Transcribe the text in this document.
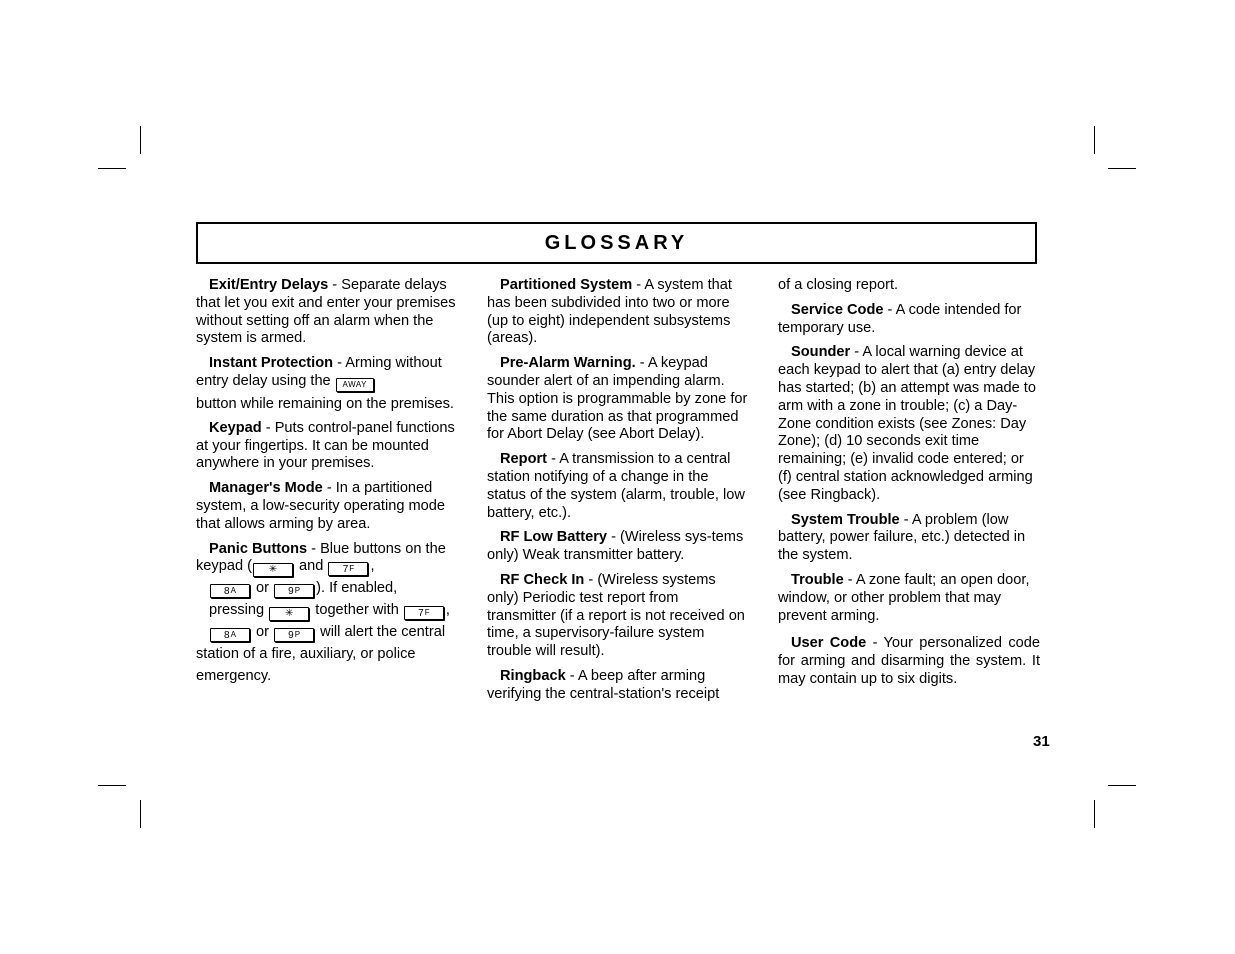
GLOSSARY

Exit/Entry Delays - Separate delays that let you exit and enter your premises without setting off an alarm when the system is armed.

Instant Protection - Arming without entry delay using the AWAY
button while remaining on the premises.

Keypad - Puts control-panel functions at your fingertips. It can be mounted anywhere in your premises.

Manager's Mode - In a partitioned system, a low-security operating mode that allows arming by area.

Panic Buttons - Blue buttons on the keypad ( ✳ and 7F ,
8A or 9P ). If enabled,
pressing ✳ together with 7F ,
8A or 9P will alert the central station of a fire, auxiliary, or police emergency.

Partitioned System - A system that has been subdivided into two or more (up to eight) independent subsystems (areas).

Pre-Alarm Warning. - A keypad sounder alert of an impending alarm. This option is programmable by zone for the same duration as that programmed for Abort Delay (see Abort Delay).

Report - A transmission to a central station notifying of a change in the status of the system (alarm, trouble, low battery, etc.).

RF Low Battery - (Wireless sys-tems only) Weak transmitter battery.

RF Check In - (Wireless systems only) Periodic test report from transmitter (if a report is not received on time, a supervisory-failure system trouble will result).

Ringback - A beep after arming verifying the central-station's receipt

of a closing report.

Service Code - A code intended for temporary use.

Sounder - A local warning device at each keypad to alert that (a) entry delay has started; (b) an attempt was made to arm with a zone in trouble; (c) a Day-Zone condition exists (see Zones: Day Zone); (d) 10 seconds exit time remaining; (e) invalid code entered; or (f) central station acknowledged arming (see Ringback).

System Trouble - A problem (low battery, power failure, etc.) detected in the system.

Trouble - A zone fault; an open door, window, or other problem that may prevent arming.

User Code - Your personalized code for arming and disarming the system. It may contain up to six digits.

31
